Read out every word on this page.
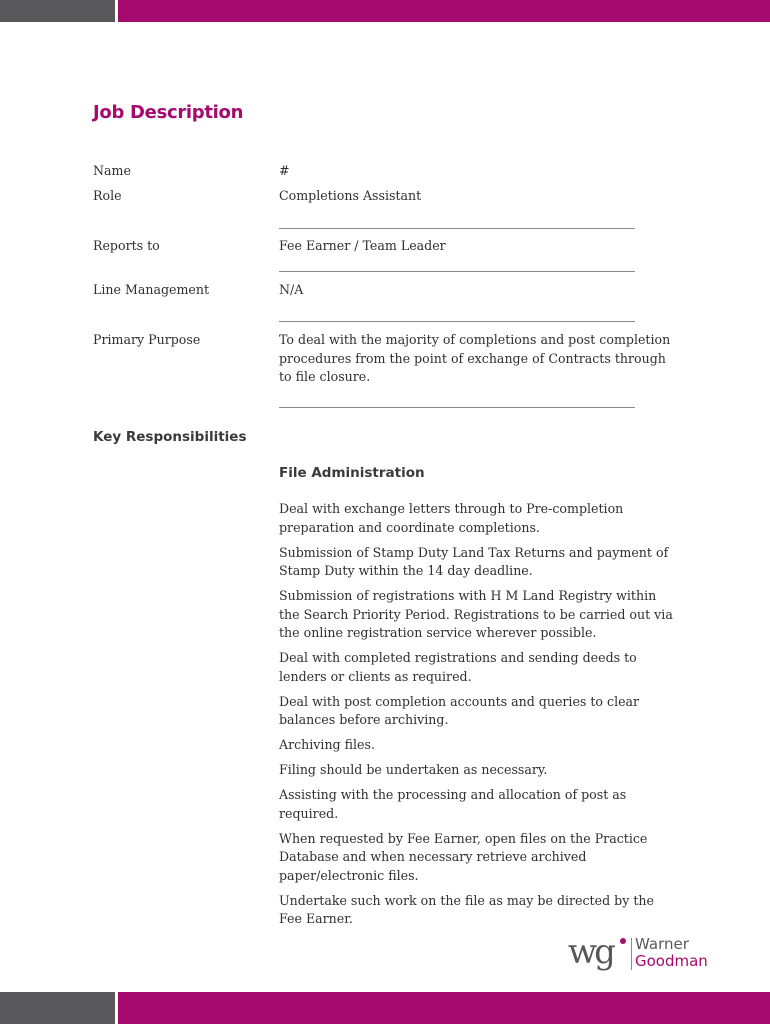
Job Description
Name	#
Role	Completions Assistant
Reports to	Fee Earner / Team Leader
Line Management	N/A
Primary Purpose	To deal with the majority of completions and post completion procedures from the point of exchange of Contracts through to file closure.
Key Responsibilities
File Administration
Deal with exchange letters through to Pre-completion preparation and coordinate completions.
Submission of Stamp Duty Land Tax Returns and payment of Stamp Duty within the 14 day deadline.
Submission of registrations with H M Land Registry within the Search Priority Period. Registrations to be carried out via the online registration service wherever possible.
Deal with completed registrations and sending deeds to lenders or clients as required.
Deal with post completion accounts and queries to clear balances before archiving.
Archiving files.
Filing should be undertaken as necessary.
Assisting with the processing and allocation of post as required.
When requested by Fee Earner, open files on the Practice Database and when necessary retrieve archived paper/electronic files.
Undertake such work on the file as may be directed by the Fee Earner.
wg Warner
Goodman
